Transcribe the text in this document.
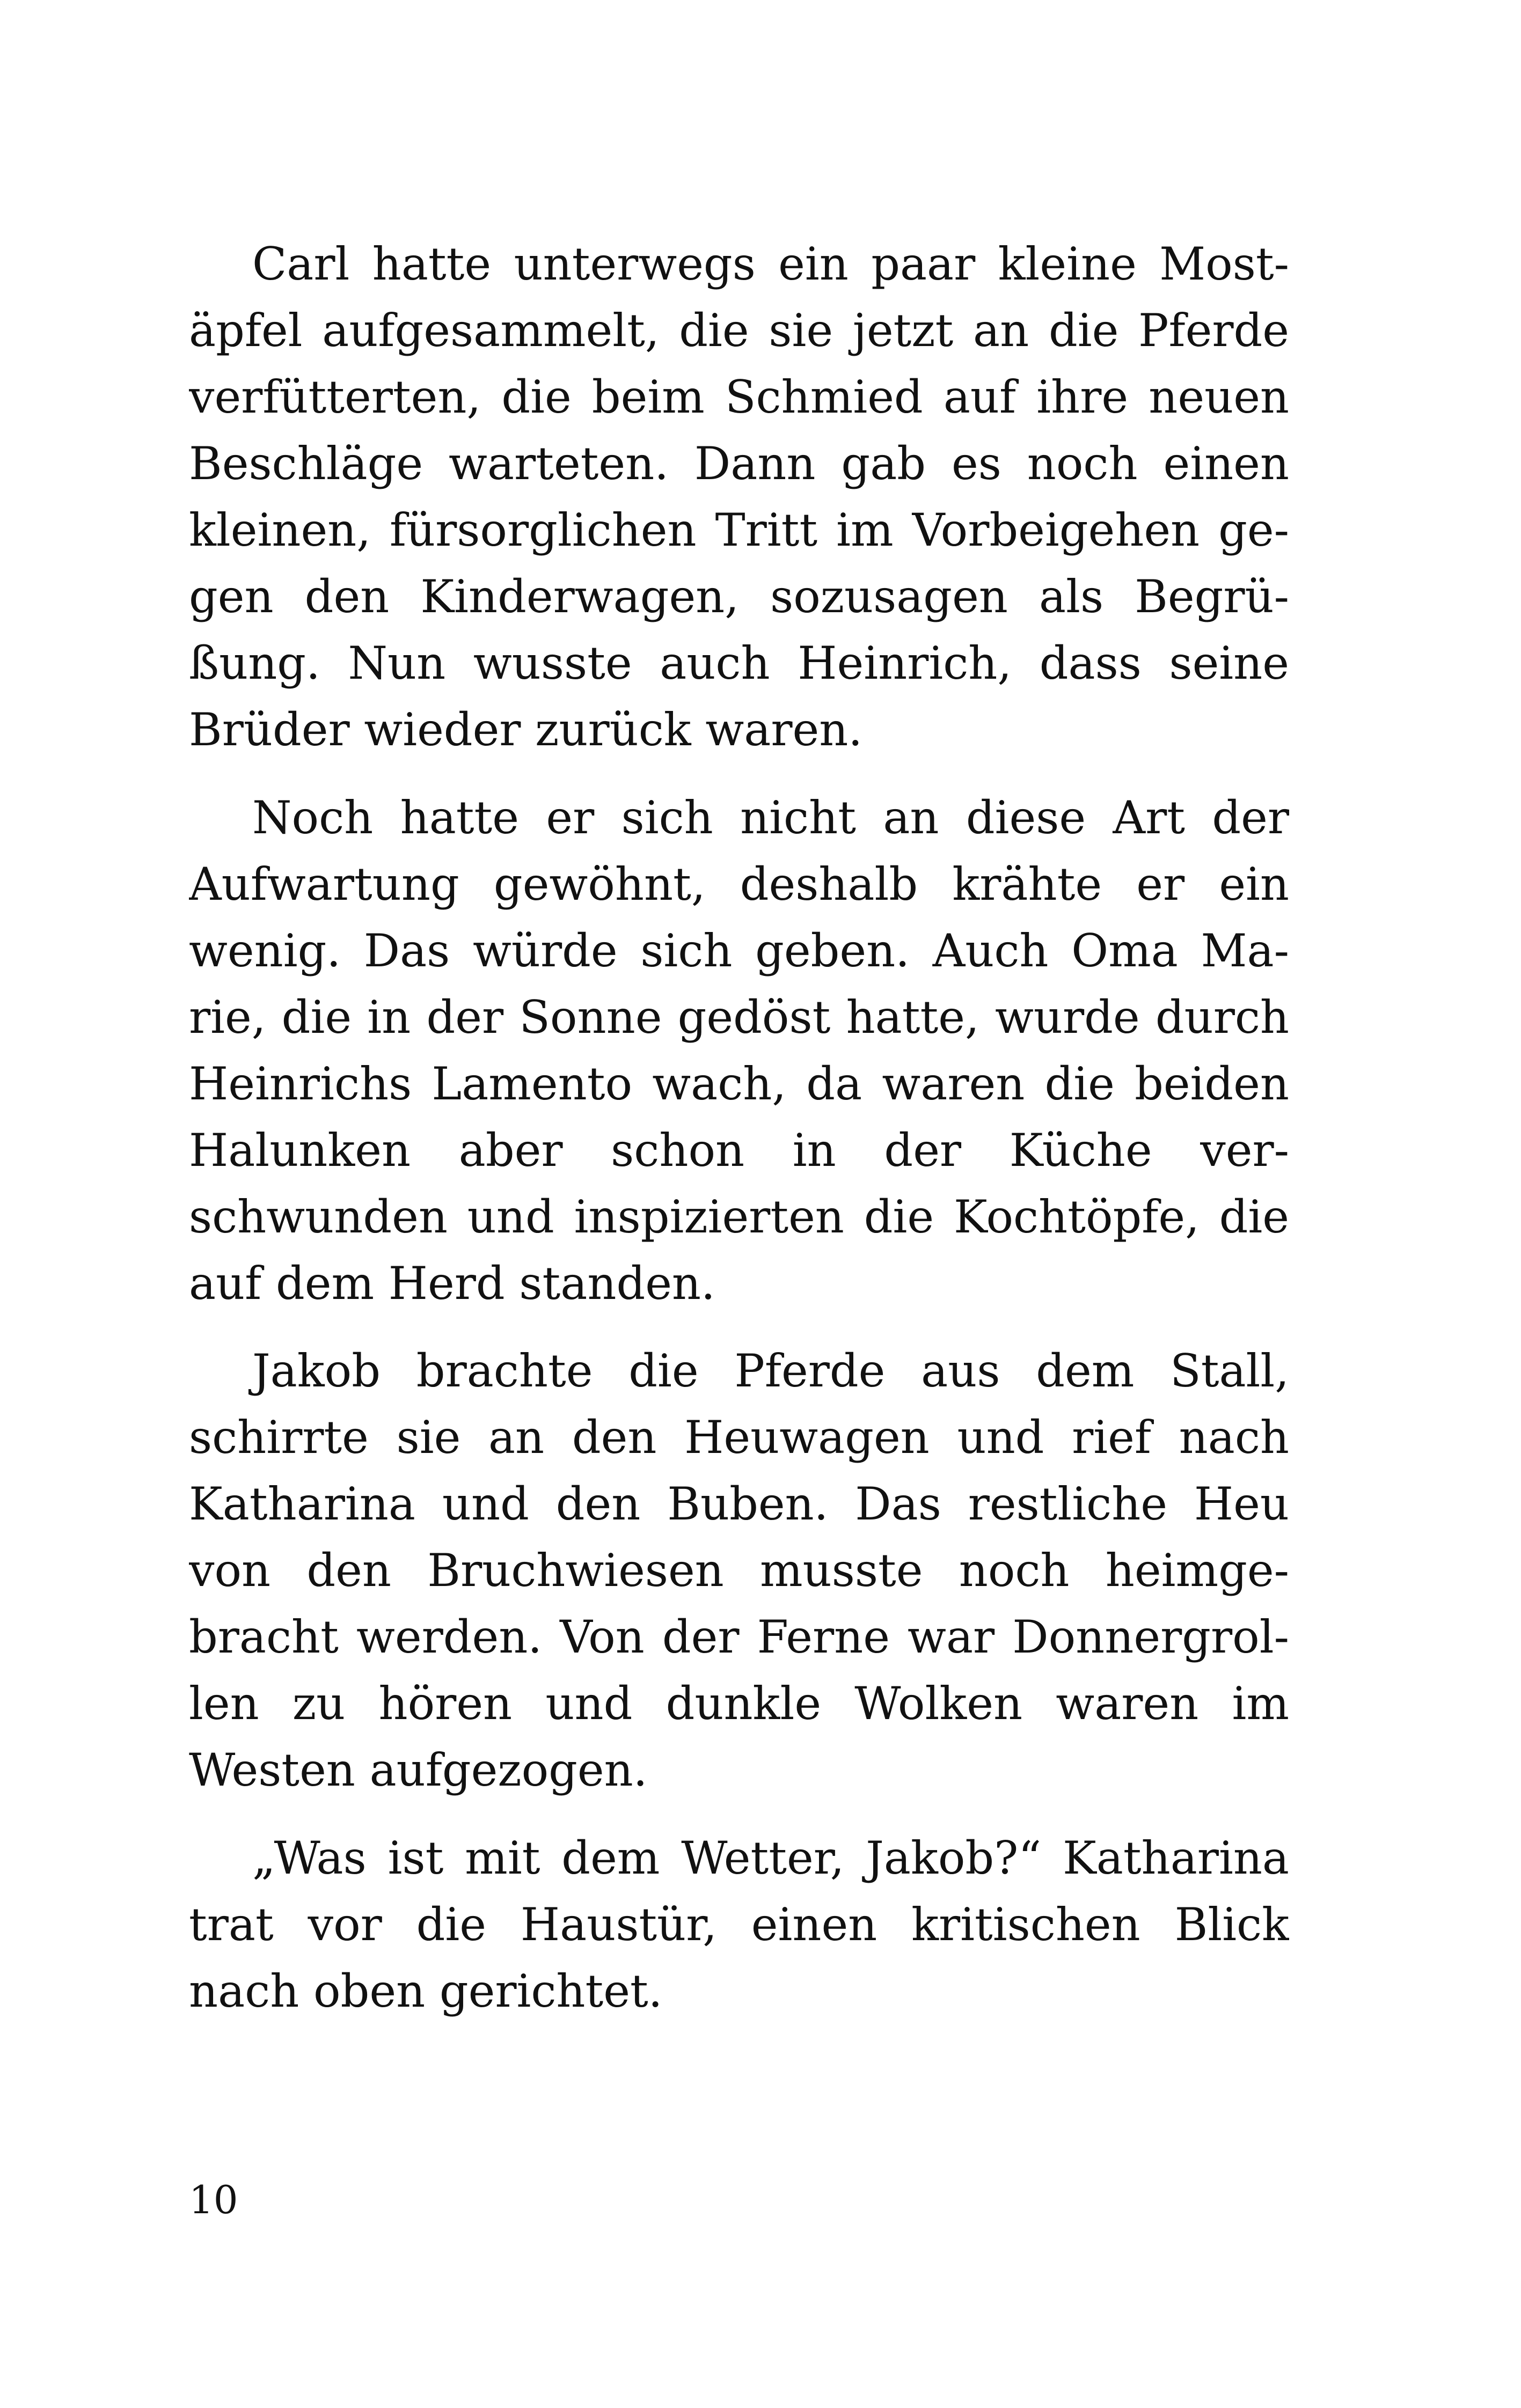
Carl hatte unterwegs ein paar kleine Most-
äpfel aufgesammelt, die sie jetzt an die Pferde
verfütterten, die beim Schmied auf ihre neuen
Beschläge warteten. Dann gab es noch einen
kleinen, fürsorglichen Tritt im Vorbeigehen ge-
gen den Kinderwagen, sozusagen als Begrü-
ßung. Nun wusste auch Heinrich, dass seine
Brüder wieder zurück waren.

Noch hatte er sich nicht an diese Art der
Aufwartung gewöhnt, deshalb krähte er ein
wenig. Das würde sich geben. Auch Oma Ma-
rie, die in der Sonne gedöst hatte, wurde durch
Heinrichs Lamento wach, da waren die beiden
Halunken aber schon in der Küche ver-
schwunden und inspizierten die Kochtöpfe, die
auf dem Herd standen.

Jakob brachte die Pferde aus dem Stall,
schirrte sie an den Heuwagen und rief nach
Katharina und den Buben. Das restliche Heu
von den Bruchwiesen musste noch heimge-
bracht werden. Von der Ferne war Donnergrol-
len zu hören und dunkle Wolken waren im
Westen aufgezogen.

„Was ist mit dem Wetter, Jakob?“ Katharina
trat vor die Haustür, einen kritischen Blick
nach oben gerichtet.

10
